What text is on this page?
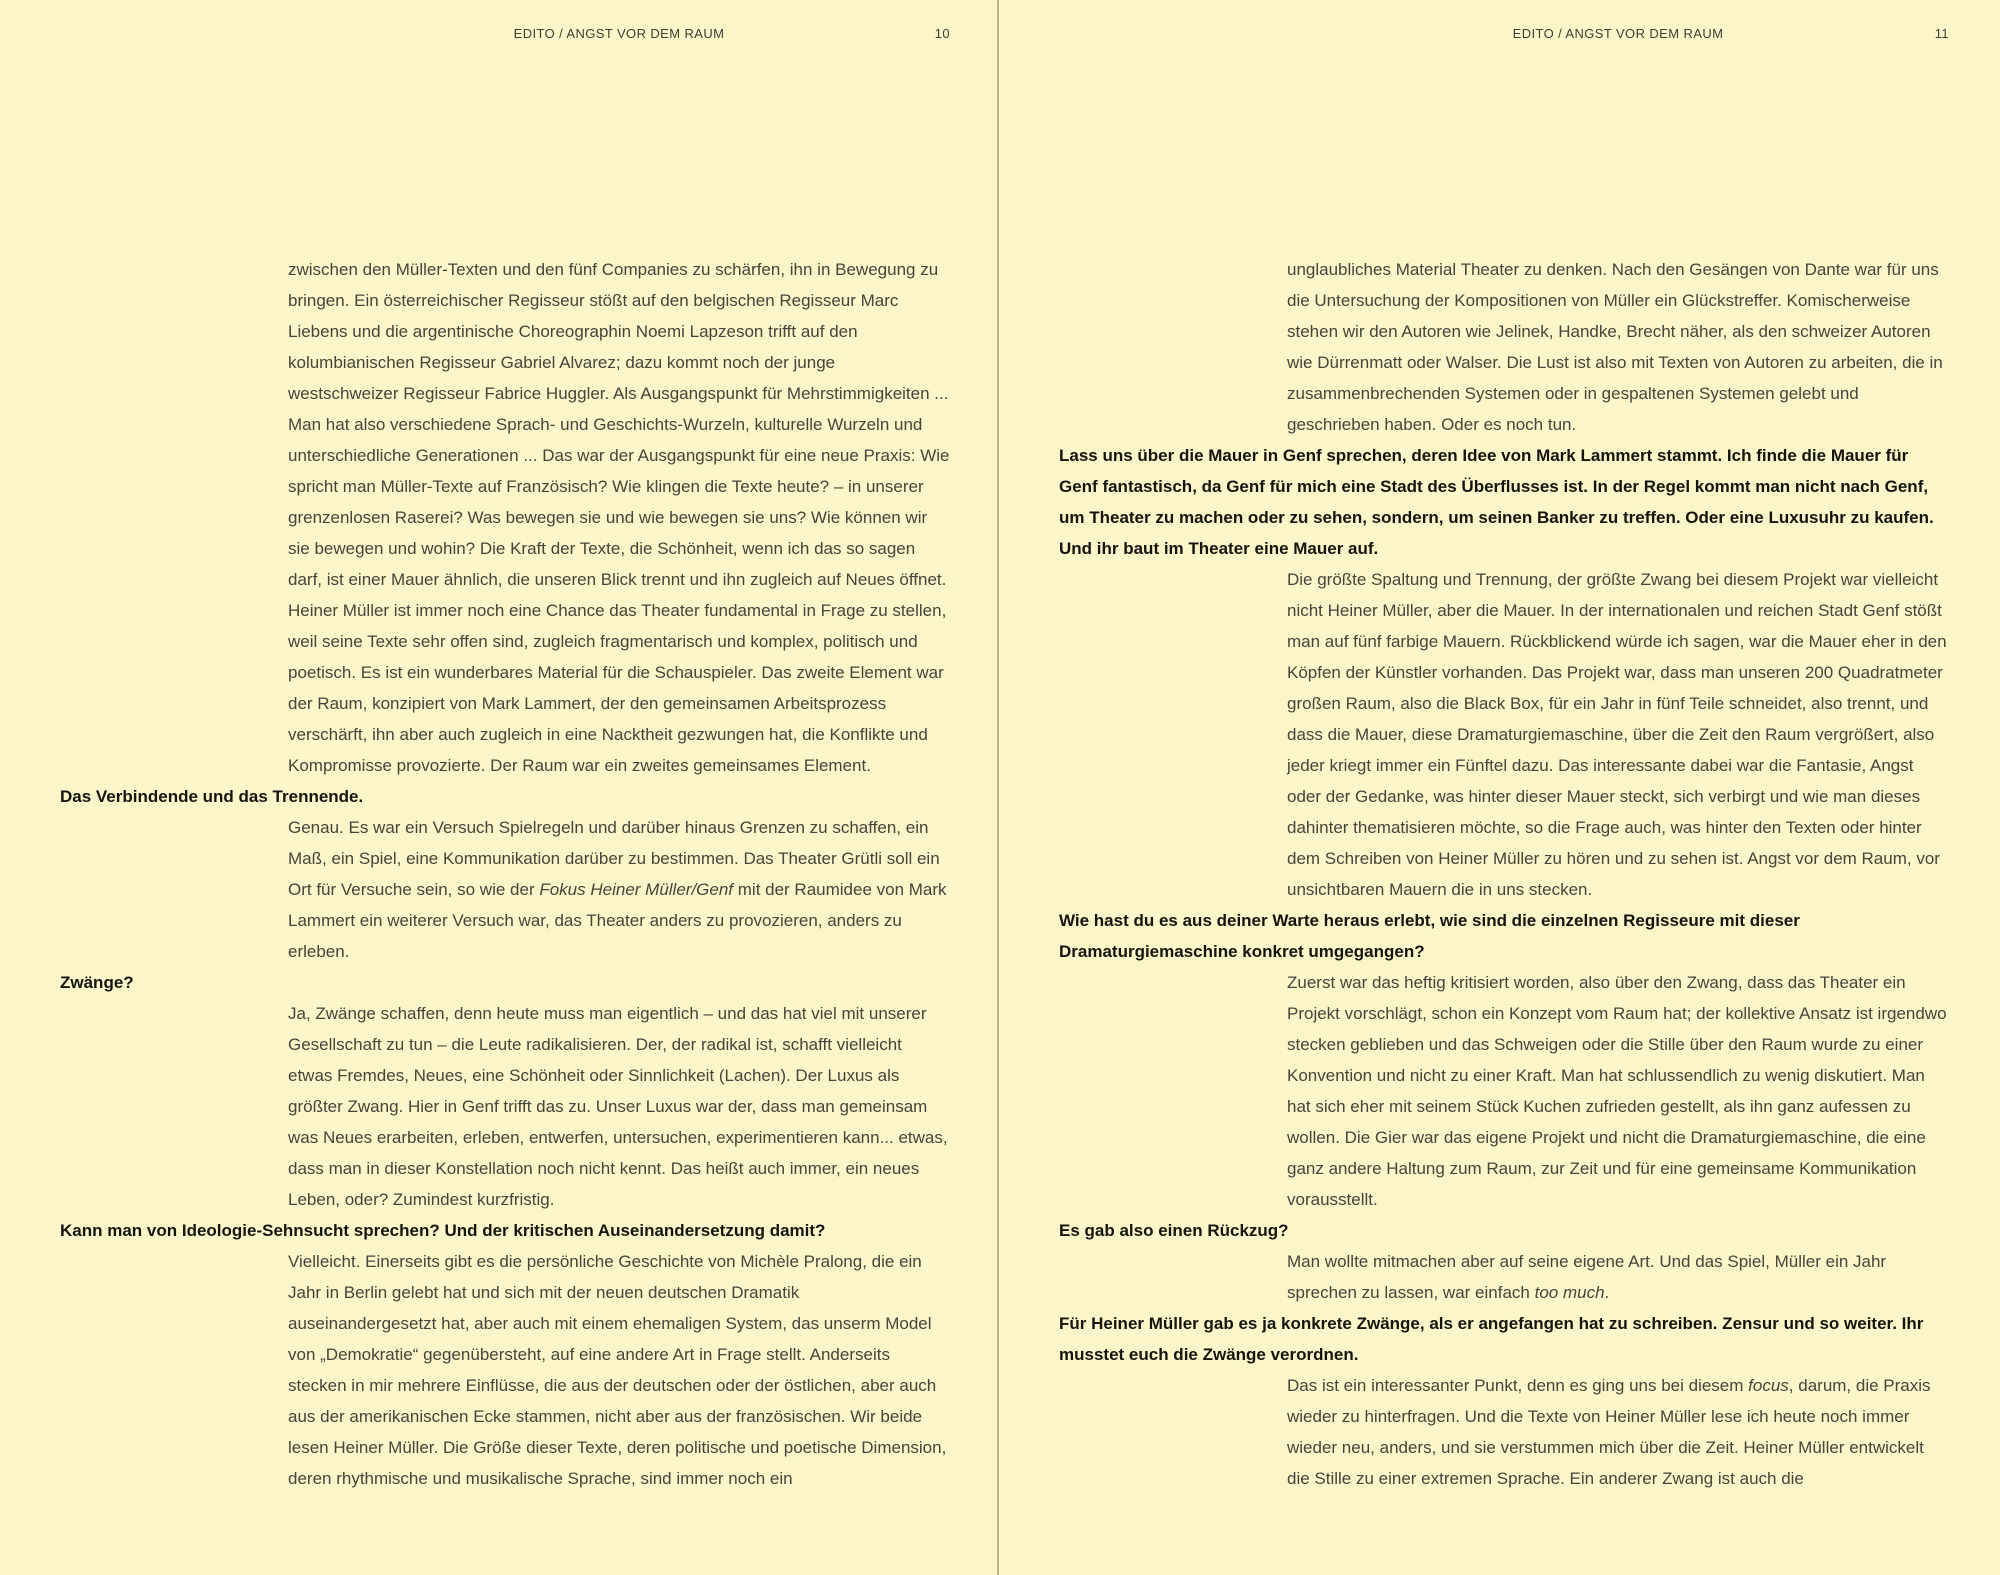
EDITO / ANGST VOR DEM RAUM	10
zwischen den Müller-Texten und den fünf Companies zu schärfen, ihn in Bewegung zu bringen. Ein österreichischer Regisseur stößt auf den belgischen Regisseur Marc Liebens und die argentinische Choreographin Noemi Lapzeson trifft auf den kolumbianischen Regisseur Gabriel Alvarez; dazu kommt noch der junge westschweizer Regisseur Fabrice Huggler. Als Ausgangspunkt für Mehrstimmigkeiten ... Man hat also verschiedene Sprach- und Geschichts-Wurzeln, kulturelle Wurzeln und unterschiedliche Generationen ... Das war der Ausgangspunkt für eine neue Praxis: Wie spricht man Müller-Texte auf Französisch? Wie klingen die Texte heute? – in unserer grenzenlosen Raserei? Was bewegen sie und wie bewegen sie uns? Wie können wir sie bewegen und wohin? Die Kraft der Texte, die Schönheit, wenn ich das so sagen darf, ist einer Mauer ähnlich, die unseren Blick trennt und ihn zugleich auf Neues öffnet. Heiner Müller ist immer noch eine Chance das Theater fundamental in Frage zu stellen, weil seine Texte sehr offen sind, zugleich fragmentarisch und komplex, politisch und poetisch. Es ist ein wunderbares Material für die Schauspieler. Das zweite Element war der Raum, konzipiert von Mark Lammert, der den gemeinsamen Arbeitsprozess verschärft, ihn aber auch zugleich in eine Nacktheit gezwungen hat, die Konflikte und Kompromisse provozierte. Der Raum war ein zweites gemeinsames Element.
Das Verbindende und das Trennende.
Genau. Es war ein Versuch Spielregeln und darüber hinaus Grenzen zu schaffen, ein Maß, ein Spiel, eine Kommunikation darüber zu bestimmen. Das Theater Grütli soll ein Ort für Versuche sein, so wie der Fokus Heiner Müller/Genf mit der Raumidee von Mark Lammert ein weiterer Versuch war, das Theater anders zu provozieren, anders zu erleben.
Zwänge?
Ja, Zwänge schaffen, denn heute muss man eigentlich – und das hat viel mit unserer Gesellschaft zu tun – die Leute radikalisieren. Der, der radikal ist, schafft vielleicht etwas Fremdes, Neues, eine Schönheit oder Sinnlichkeit (Lachen). Der Luxus als größter Zwang. Hier in Genf trifft das zu. Unser Luxus war der, dass man gemeinsam was Neues erarbeiten, erleben, entwerfen, untersuchen, experimentieren kann... etwas, dass man in dieser Konstellation noch nicht kennt. Das heißt auch immer, ein neues Leben, oder? Zumindest kurzfristig.
Kann man von Ideologie-Sehnsucht sprechen? Und der kritischen Auseinandersetzung damit?
Vielleicht. Einerseits gibt es die persönliche Geschichte von Michèle Pralong, die ein Jahr in Berlin gelebt hat und sich mit der neuen deutschen Dramatik auseinandergesetzt hat, aber auch mit einem ehemaligen System, das unserm Model von „Demokratie“ gegenübersteht, auf eine andere Art in Frage stellt. Anderseits stecken in mir mehrere Einflüsse, die aus der deutschen oder der östlichen, aber auch aus der amerikanischen Ecke stammen, nicht aber aus der französischen. Wir beide lesen Heiner Müller. Die Größe dieser Texte, deren politische und poetische Dimension, deren rhythmische und musikalische Sprache, sind immer noch ein
EDITO / ANGST VOR DEM RAUM	11
unglaubliches Material Theater zu denken. Nach den Gesängen von Dante war für uns die Untersuchung der Kompositionen von Müller ein Glückstreffer. Komischerweise stehen wir den Autoren wie Jelinek, Handke, Brecht näher, als den schweizer Autoren wie Dürrenmatt oder Walser. Die Lust ist also mit Texten von Autoren zu arbeiten, die in zusammenbrechenden Systemen oder in gespaltenen Systemen gelebt und geschrieben haben. Oder es noch tun.
Lass uns über die Mauer in Genf sprechen, deren Idee von Mark Lammert stammt. Ich finde die Mauer für Genf fantastisch, da Genf für mich eine Stadt des Überflusses ist. In der Regel kommt man nicht nach Genf, um Theater zu machen oder zu sehen, sondern, um seinen Banker zu treffen. Oder eine Luxusuhr zu kaufen. Und ihr baut im Theater eine Mauer auf.
Die größte Spaltung und Trennung, der größte Zwang bei diesem Projekt war vielleicht nicht Heiner Müller, aber die Mauer. In der internationalen und reichen Stadt Genf stößt man auf fünf farbige Mauern. Rückblickend würde ich sagen, war die Mauer eher in den Köpfen der Künstler vorhanden. Das Projekt war, dass man unseren 200 Quadratmeter großen Raum, also die Black Box, für ein Jahr in fünf Teile schneidet, also trennt, und dass die Mauer, diese Dramaturgiemaschine, über die Zeit den Raum vergrößert, also jeder kriegt immer ein Fünftel dazu. Das interessante dabei war die Fantasie, Angst oder der Gedanke, was hinter dieser Mauer steckt, sich verbirgt und wie man dieses dahinter thematisieren möchte, so die Frage auch, was hinter den Texten oder hinter dem Schreiben von Heiner Müller zu hören und zu sehen ist. Angst vor dem Raum, vor unsichtbaren Mauern die in uns stecken.
Wie hast du es aus deiner Warte heraus erlebt, wie sind die einzelnen Regisseure mit dieser Dramaturgiemaschine konkret umgegangen?
Zuerst war das heftig kritisiert worden, also über den Zwang, dass das Theater ein Projekt vorschlägt, schon ein Konzept vom Raum hat; der kollektive Ansatz ist irgendwo stecken geblieben und das Schweigen oder die Stille über den Raum wurde zu einer Konvention und nicht zu einer Kraft. Man hat schlussendlich zu wenig diskutiert. Man hat sich eher mit seinem Stück Kuchen zufrieden gestellt, als ihn ganz aufessen zu wollen. Die Gier war das eigene Projekt und nicht die Dramaturgiemaschine, die eine ganz andere Haltung zum Raum, zur Zeit und für eine gemeinsame Kommunikation vorausstellt.
Es gab also einen Rückzug?
Man wollte mitmachen aber auf seine eigene Art. Und das Spiel, Müller ein Jahr sprechen zu lassen, war einfach too much.
Für Heiner Müller gab es ja konkrete Zwänge, als er angefangen hat zu schreiben. Zensur und so weiter. Ihr musstet euch die Zwänge verordnen.
Das ist ein interessanter Punkt, denn es ging uns bei diesem focus, darum, die Praxis wieder zu hinterfragen. Und die Texte von Heiner Müller lese ich heute noch immer wieder neu, anders, und sie verstummen mich über die Zeit. Heiner Müller entwickelt die Stille zu einer extremen Sprache. Ein anderer Zwang ist auch die
